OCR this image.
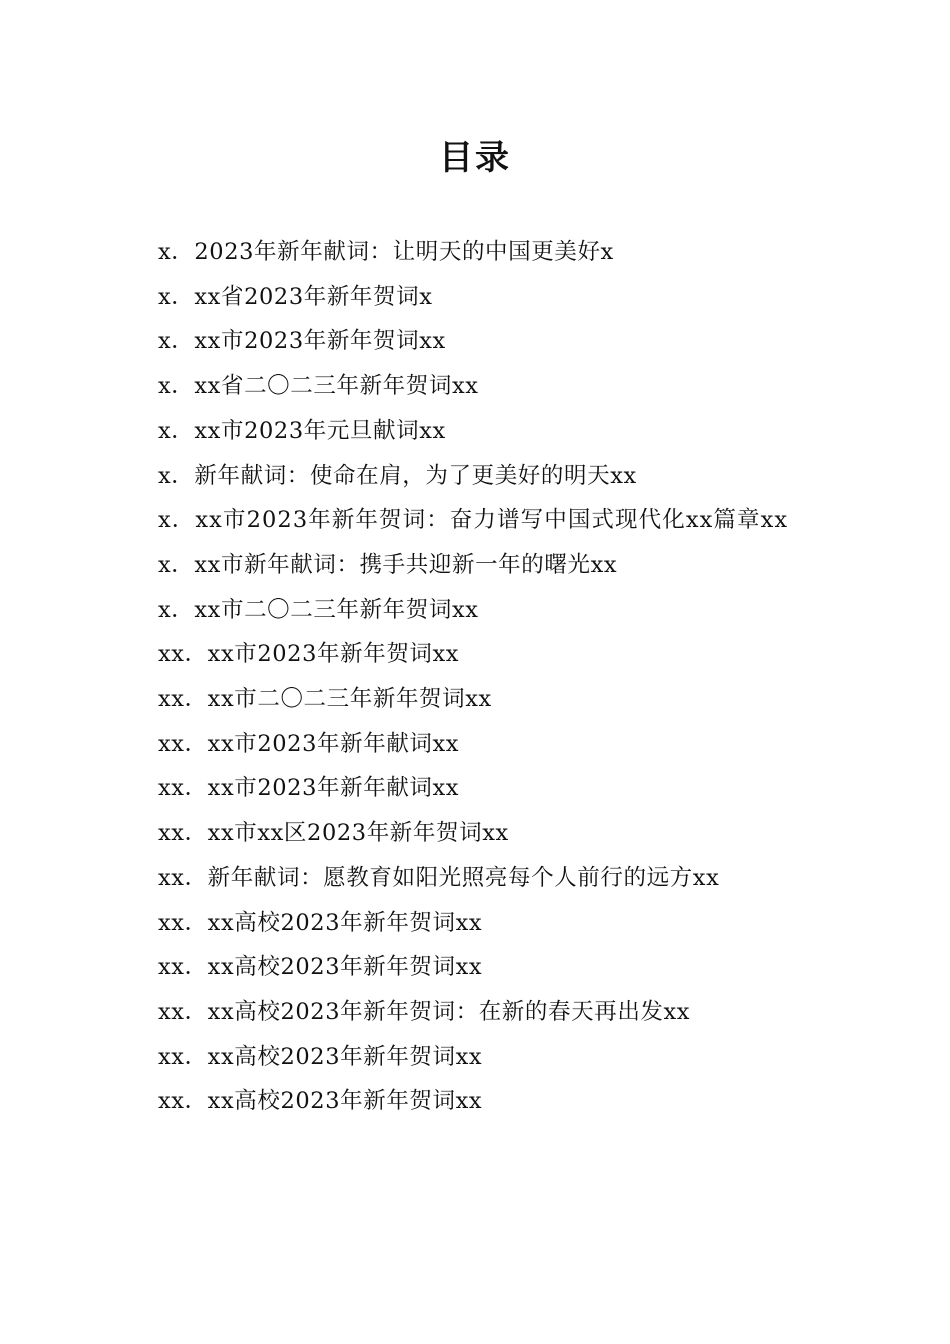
目录
x．2023年新年献词：让明天的中国更美好x
x．xx省2023年新年贺词x
x．xx市2023年新年贺词xx
x．xx省二〇二三年新年贺词xx
x．xx市2023年元旦献词xx
x．新年献词：使命在肩，为了更美好的明天xx
x．xx市2023年新年贺词：奋力谱写中国式现代化xx篇章xx
x．xx市新年献词：携手共迎新一年的曙光xx
x．xx市二〇二三年新年贺词xx
xx．xx市2023年新年贺词xx
xx．xx市二〇二三年新年贺词xx
xx．xx市2023年新年献词xx
xx．xx市2023年新年献词xx
xx．xx市xx区2023年新年贺词xx
xx．新年献词：愿教育如阳光照亮每个人前行的远方xx
xx．xx高校2023年新年贺词xx
xx．xx高校2023年新年贺词xx
xx．xx高校2023年新年贺词：在新的春天再出发xx
xx．xx高校2023年新年贺词xx
xx．xx高校2023年新年贺词xx
